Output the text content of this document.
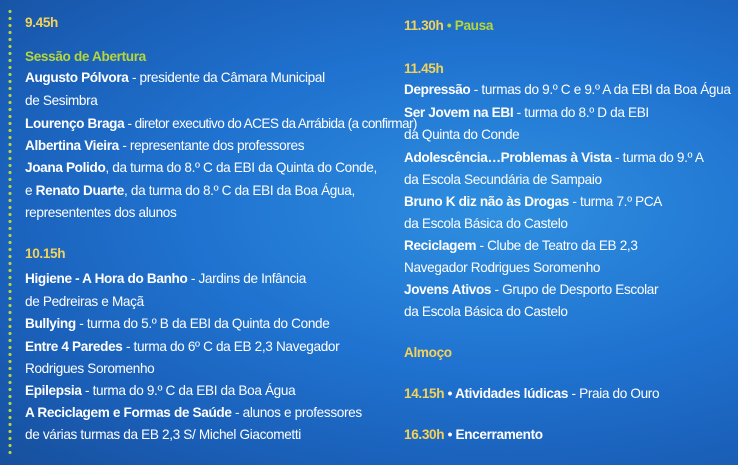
9.45h
Sessão de Abertura
Augusto Pólvora - presidente da Câmara Municipal
de Sesimbra
Lourenço Braga - diretor executivo do ACES da Arrábida (a confirmar)
Albertina Vieira - representante dos professores
Joana Polido, da turma do 8.º C da EBI da Quinta do Conde,
e Renato Duarte, da turma do 8.º C da EBI da Boa Água,
represententes dos alunos
10.15h
Higiene - A Hora do Banho - Jardins de Infância
de Pedreiras e Maçã
Bullying - turma do 5.º B da EBI da Quinta do Conde
Entre 4 Paredes - turma do 6º C da EB 2,3 Navegador
Rodrigues Soromenho
Epilepsia - turma do 9.º C da EBI da Boa Água
A Reciclagem e Formas de Saúde - alunos e professores
de várias turmas da EB 2,3 S/ Michel Giacometti
11.30h • Pausa
11.45h
Depressão - turmas do 9.º C e 9.º A da EBI da Boa Água
Ser Jovem na EBI - turma do 8.º D da EBI
da Quinta do Conde
Adolescência…Problemas à Vista - turma do 9.º A
da Escola Secundária de Sampaio
Bruno K diz não às Drogas - turma 7.º PCA
da Escola Básica do Castelo
Reciclagem - Clube de Teatro da EB 2,3
Navegador Rodrigues Soromenho
Jovens Ativos - Grupo de Desporto Escolar
da Escola Básica do Castelo
Almoço
14.15h • Atividades lúdicas - Praia do Ouro
16.30h • Encerramento
